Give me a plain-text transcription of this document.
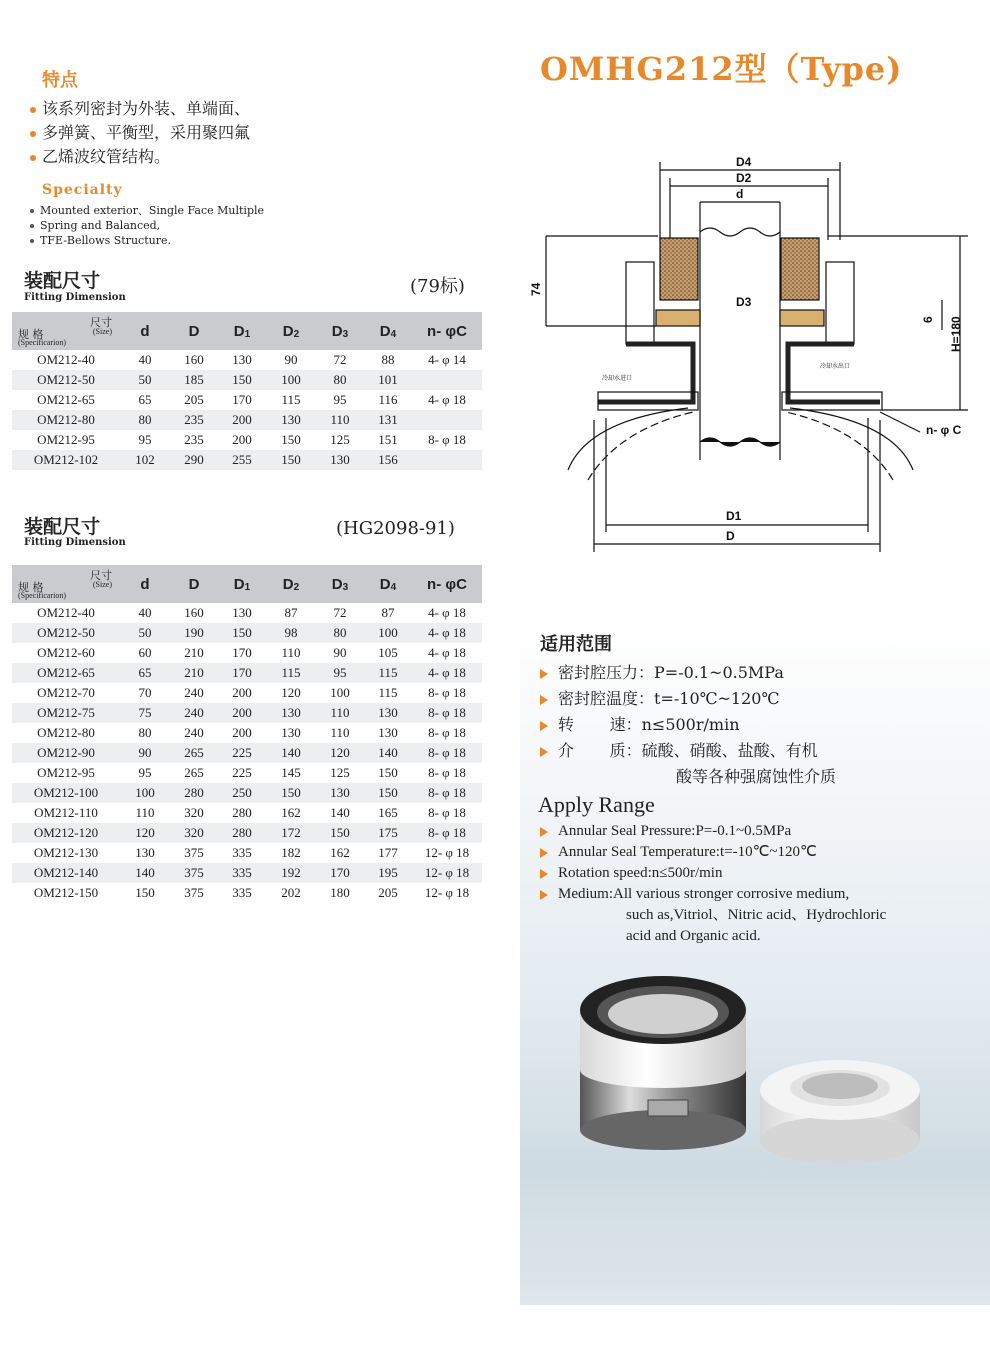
OMHG212型（Type)
特点
该系列密封为外装、单端面、
多弹簧、平衡型，采用聚四氟
乙烯波纹管结构。
Specialty
Mounted exterior、Single Face Multiple
Spring and Balanced,
TFE-Bellows Structure.
装配尺寸
Fitting Dimension
(79标)
尺寸
(Size)
规 格
(Specificarion)	d	D	D1	D2	D3	D4	n- φC
OM212-40	40	160	130	90	72	88	4- φ 14
OM212-50	50	185	150	100	80	101	
OM212-65	65	205	170	115	95	116	4- φ 18
OM212-80	80	235	200	130	110	131	
OM212-95	95	235	200	150	125	151	8- φ 18
OM212-102	102	290	255	150	130	156	
装配尺寸
Fitting Dimension
(HG2098-91)
尺寸
(Size)
规 格
(Specificarion)	d	D	D1	D2	D3	D4	n- φC
OM212-40	40	160	130	87	72	87	4- φ 18
OM212-50	50	190	150	98	80	100	4- φ 18
OM212-60	60	210	170	110	90	105	4- φ 18
OM212-65	65	210	170	115	95	115	4- φ 18
OM212-70	70	240	200	120	100	115	8- φ 18
OM212-75	75	240	200	130	110	130	8- φ 18
OM212-80	80	240	200	130	110	130	8- φ 18
OM212-90	90	265	225	140	120	140	8- φ 18
OM212-95	95	265	225	145	125	150	8- φ 18
OM212-100	100	280	250	150	130	150	8- φ 18
OM212-110	110	320	280	162	140	165	8- φ 18
OM212-120	120	320	280	172	150	175	8- φ 18
OM212-130	130	375	335	182	162	177	12- φ 18
OM212-140	140	375	335	192	170	195	12- φ 18
OM212-150	150	375	335	202	180	205	12- φ 18
D4
D2
d
D3
74
H=180
6
n- φ C
D1
D
冷却水进口
冷却水出口
适用范围
密封腔压力：P=-0.1~0.5MPa
密封腔温度：t=-10℃~120℃
转       速：n≤500r/min
介       质：硫酸、硝酸、盐酸、有机
酸等各种强腐蚀性介质
Apply Range
Annular Seal Pressure:P=-0.1~0.5MPa
Annular Seal Temperature:t=-10℃~120℃
Rotation speed:n≤500r/min
Medium:All various stronger corrosive medium,
such as,Vitriol、Nitric acid、Hydrochloric
acid and Organic acid.
